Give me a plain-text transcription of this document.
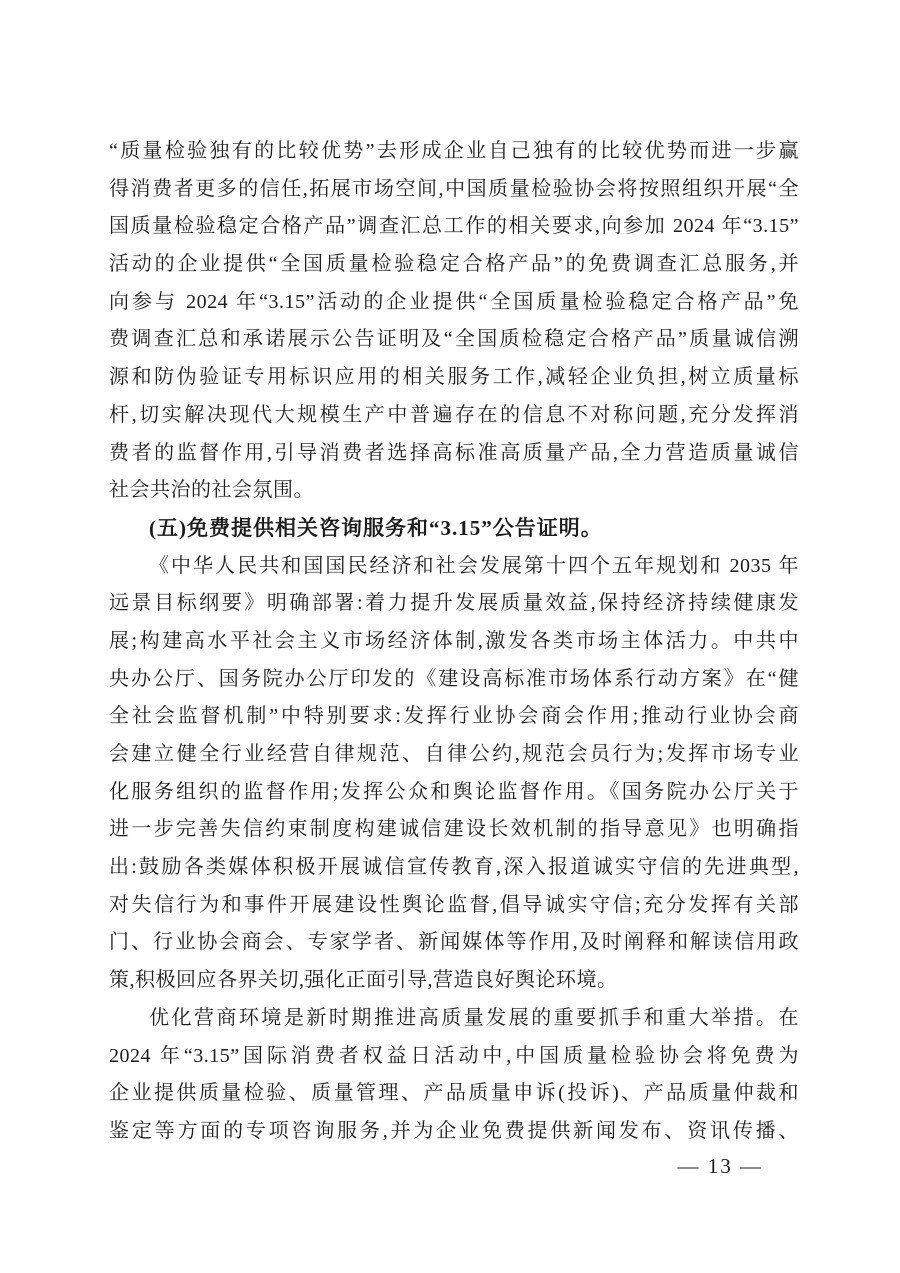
“质量检验独有的比较优势”去形成企业自己独有的比较优势而进一步赢
得消费者更多的信任,拓展市场空间,中国质量检验协会将按照组织开展“全
国质量检验稳定合格产品”调查汇总工作的相关要求,向参加 2024 年“3.15”
活动的企业提供“全国质量检验稳定合格产品”的免费调查汇总服务,并
向参与 2024 年“3.15”活动的企业提供“全国质量检验稳定合格产品”免
费调查汇总和承诺展示公告证明及“全国质检稳定合格产品”质量诚信溯
源和防伪验证专用标识应用的相关服务工作,减轻企业负担,树立质量标
杆,切实解决现代大规模生产中普遍存在的信息不对称问题,充分发挥消
费者的监督作用,引导消费者选择高标准高质量产品,全力营造质量诚信
社会共治的社会氛围。
(五)免费提供相关咨询服务和“3.15”公告证明。
《中华人民共和国国民经济和社会发展第十四个五年规划和 2035 年
远景目标纲要》明确部署:着力提升发展质量效益,保持经济持续健康发
展;构建高水平社会主义市场经济体制,激发各类市场主体活力。中共中
央办公厅、国务院办公厅印发的《建设高标准市场体系行动方案》在“健
全社会监督机制”中特别要求:发挥行业协会商会作用;推动行业协会商
会建立健全行业经营自律规范、自律公约,规范会员行为;发挥市场专业
化服务组织的监督作用;发挥公众和舆论监督作用。《国务院办公厅关于
进一步完善失信约束制度构建诚信建设长效机制的指导意见》也明确指
出:鼓励各类媒体积极开展诚信宣传教育,深入报道诚实守信的先进典型,
对失信行为和事件开展建设性舆论监督,倡导诚实守信;充分发挥有关部
门、行业协会商会、专家学者、新闻媒体等作用,及时阐释和解读信用政
策,积极回应各界关切,强化正面引导,营造良好舆论环境。
优化营商环境是新时期推进高质量发展的重要抓手和重大举措。在
2024 年“3.15”国际消费者权益日活动中,中国质量检验协会将免费为
企业提供质量检验、质量管理、产品质量申诉(投诉)、产品质量仲裁和
鉴定等方面的专项咨询服务,并为企业免费提供新闻发布、资讯传播、
— 13 —
